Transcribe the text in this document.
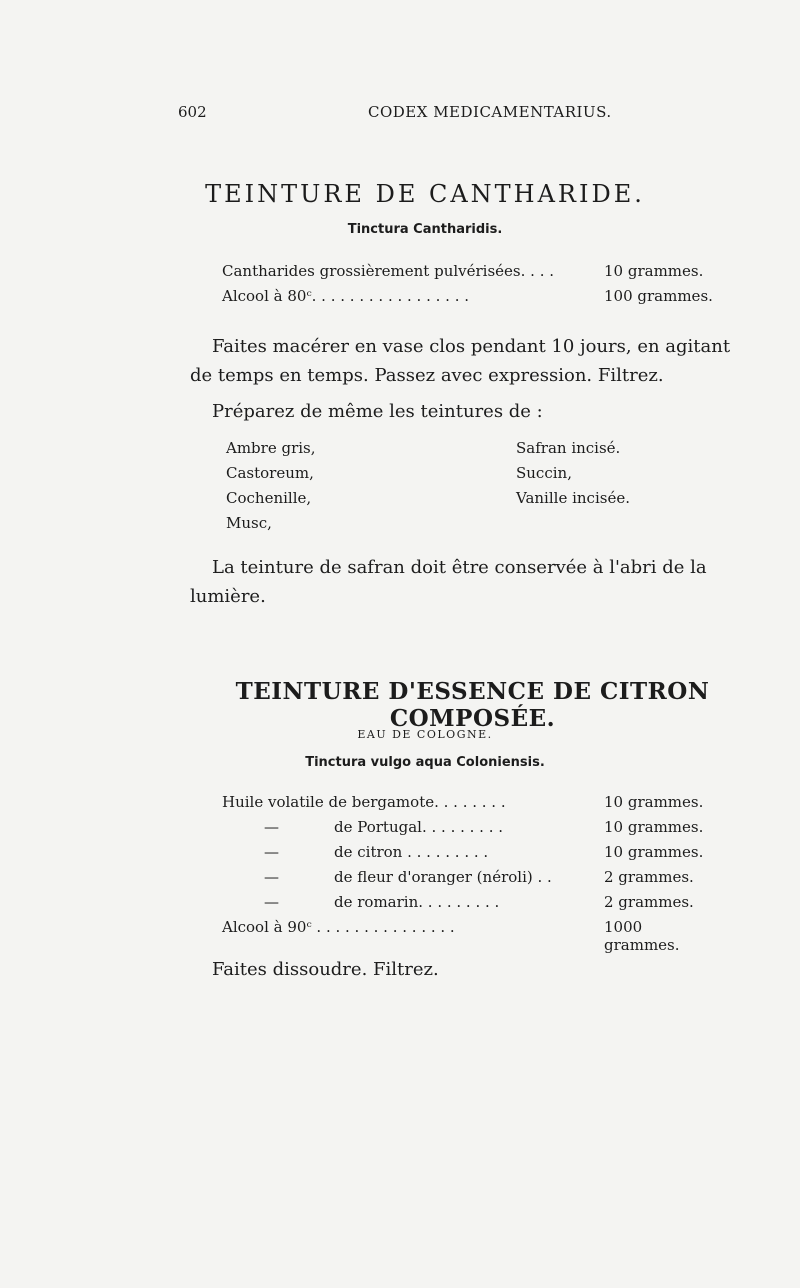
602	CODEX MEDICAMENTARIUS.
TEINTURE DE CANTHARIDE.
Tinctura Cantharidis.
Cantharides grossièrement pulvérisées. . . .	10 grammes.
Alcool à 80ᶜ. . . . . . . . . . . . . . . . .	100 grammes.

Faites macérer en vase clos pendant 10 jours, en agitant de temps en temps. Passez avec expression. Filtrez.

Préparez de même les teintures de :

Ambre gris,
Castoreum,
Cochenille,
Musc,
Safran incisé.
Succin,
Vanille incisée.

La teinture de safran doit être conservée à l'abri de la lumière.

TEINTURE D'ESSENCE DE CITRON COMPOSÉE.
EAU DE COLOGNE.
Tinctura vulgo aqua Coloniensis.
Huile volatile de bergamote. . . . . . . .	10 grammes.
—	de Portugal. . . . . . . . .	10 grammes.
—	de citron . . . . . . . . .	10 grammes.
—	de fleur d'oranger (néroli) . .	2 grammes.
—	de romarin. . . . . . . . .	2 grammes.
Alcool à 90ᶜ . . . . . . . . . . . . . . .	1000 grammes.

Faites dissoudre. Filtrez.
